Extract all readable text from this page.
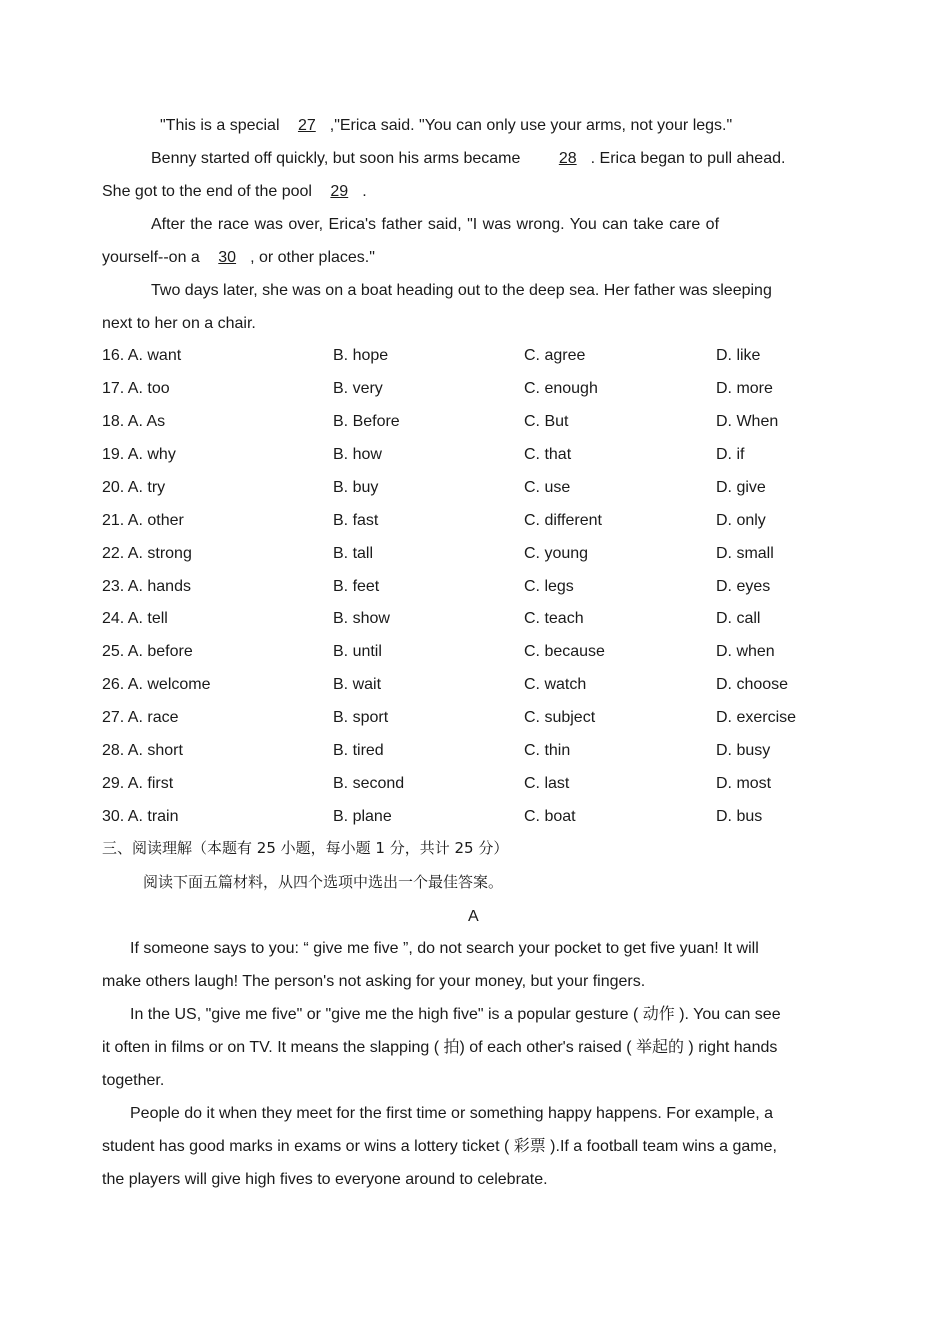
"This is a special 27 ,"Erica said. "You can only use your arms, not your legs."
Benny started off quickly, but soon his arms became 28 . Erica began to pull ahead.
She got to the end of the pool 29 .
After the race was over, Erica's father said, "I was wrong. You can take care of
yourself--on a 30 , or other places."
Two days later, she was on a boat heading out to the deep sea. Her father was sleeping
next to her on a chair.
16. A. want	B. hope	C. agree	D. like
17. A. too	B. very	C. enough	D. more
18. A. As	B. Before	C. But	D. When
19. A. why	B. how	C. that	D. if
20. A. try	B. buy	C. use	D. give
21. A. other	B. fast	C. different	D. only
22. A. strong	B. tall	C. young	D. small
23. A. hands	B. feet	C. legs	D. eyes
24. A. tell	B. show	C. teach	D. call
25. A. before	B. until	C. because	D. when
26. A. welcome	B. wait	C. watch	D. choose
27. A. race	B. sport	C. subject	D. exercise
28. A. short	B. tired	C. thin	D. busy
29. A. first	B. second	C. last	D. most
30. A. train	B. plane	C. boat	D. bus
三、阅读理解（本题有 25 小题，每小题 1 分，共计 25 分）
阅读下面五篇材料，从四个选项中选出一个最佳答案。
A
If someone says to you: “ give me five ”, do not search your pocket to get five yuan! It will
make others laugh! The person's not asking for your money, but your fingers.
In the US, "give me five" or "give me the high five" is a popular gesture ( 动作 ). You can see
it often in films or on TV. It means the slapping ( 拍) of each other's raised ( 举起的 ) right hands
together.
People do it when they meet for the first time or something happy happens. For example, a
student has good marks in exams or wins a lottery ticket ( 彩票 ).If a football team wins a game,
the players will give high fives to everyone around to celebrate.
